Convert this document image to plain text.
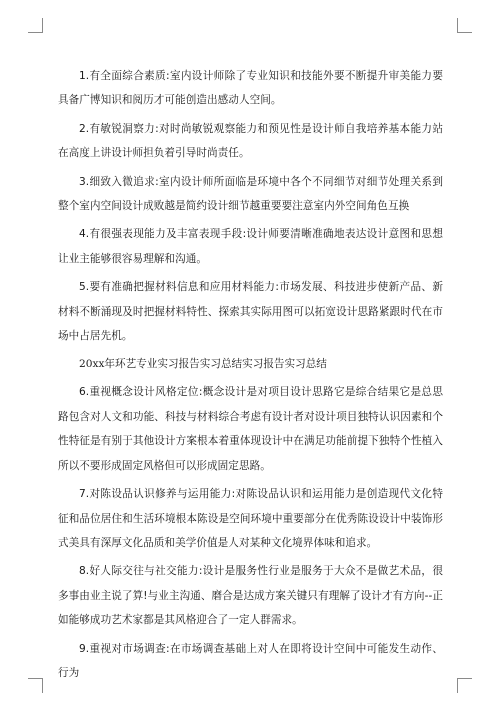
1.有全面综合素质:室内设计师除了专业知识和技能外要不断提升审美能力要具备广博知识和阅历才可能创造出感动人空间。

2.有敏锐洞察力:对时尚敏锐观察能力和预见性是设计师自我培养基本能力站在高度上讲设计师担负着引导时尚责任。

3.细致入微追求:室内设计师所面临是环境中各个不同细节对细节处理关系到整个室内空间设计成败越是简约设计细节越重要要注意室内外空间角色互换

4.有很强表现能力及丰富表现手段:设计师要清晰准确地表达设计意图和思想让业主能够很容易理解和沟通。

5.要有准确把握材料信息和应用材料能力:市场发展、科技进步使新产品、新材料不断涌现及时把握材料特性、探索其实际用图可以拓宽设计思路紧跟时代在市场中占居先机。

20xx年环艺专业实习报告实习总结实习报告实习总结

6.重视概念设计风格定位:概念设计是对项目设计思路它是综合结果它是总思路包含对人文和功能、科技与材料综合考虑有设计者对设计项目独特认识因素和个性特征是有别于其他设计方案根本着重体现设计中在满足功能前提下独特个性植入所以不要形成固定风格但可以形成固定思路。

7.对陈设品认识修养与运用能力:对陈设品认识和运用能力是创造现代文化特征和品位居住和生活环境根本陈设是空间环境中重要部分在优秀陈设设计中装饰形式美具有深厚文化品质和美学价值是人对某种文化境界体味和追求。

8.好人际交往与社交能力:设计是服务性行业是服务于大众不是做艺术品，很多事由业主说了算!与业主沟通、磨合是达成方案关键只有理解了设计才有方向--正如能够成功艺术家都是其风格迎合了一定人群需求。

9.重视对市场调查:在市场调查基础上对人在即将设计空间中可能发生动作、行为
